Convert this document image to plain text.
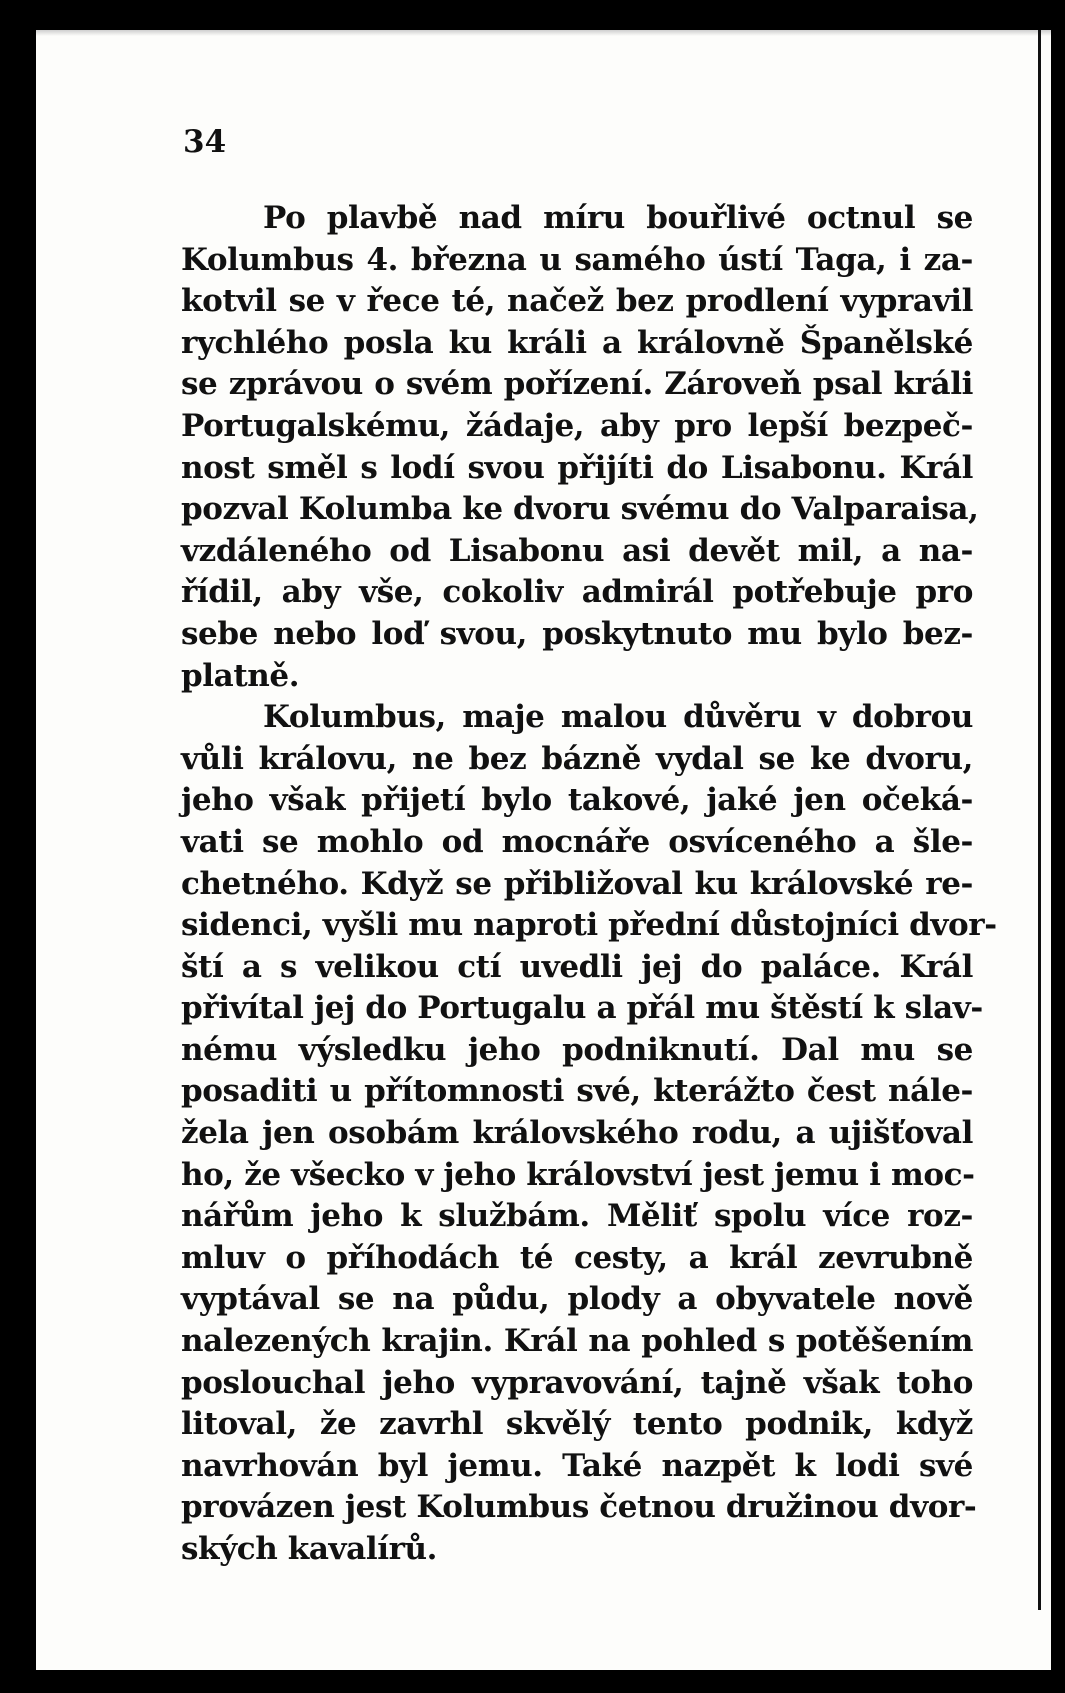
34

Po plavbě nad míru bouřlivé octnul se
Kolumbus 4. března u samého ústí Taga, i za-
kotvil se v řece té, načež bez prodlení vypravil
rychlého posla ku králi a královně Španělské
se zprávou o svém pořízení. Zároveň psal králi
Portugalskému, žádaje, aby pro lepší bezpeč-
nost směl s lodí svou přijíti do Lisabonu. Král
pozval Kolumba ke dvoru svému do Valparaisa,
vzdáleného od Lisabonu asi devět mil, a na-
řídil, aby vše, cokoliv admirál potřebuje pro
sebe nebo loď svou, poskytnuto mu bylo bez-
platně.

Kolumbus, maje malou důvěru v dobrou
vůli královu, ne bez bázně vydal se ke dvoru,
jeho však přijetí bylo takové, jaké jen očeká-
vati se mohlo od mocnáře osvíceného a šle-
chetného. Když se přibližoval ku královské re-
sidenci, vyšli mu naproti přední důstojníci dvor-
ští a s velikou ctí uvedli jej do paláce. Král
přivítal jej do Portugalu a přál mu štěstí k slav-
nému výsledku jeho podniknutí. Dal mu se
posaditi u přítomnosti své, kterážto čest nále-
žela jen osobám královského rodu, a ujišťoval
ho, že všecko v jeho království jest jemu i moc-
nářům jeho k službám. Měliť spolu více roz-
mluv o příhodách té cesty, a král zevrubně
vyptával se na půdu, plody a obyvatele nově
nalezených krajin. Král na pohled s potěšením
poslouchal jeho vypravování, tajně však toho
litoval, že zavrhl skvělý tento podnik, když
navrhován byl jemu. Také nazpět k lodi své
provázen jest Kolumbus četnou družinou dvor-
ských kavalírů.
